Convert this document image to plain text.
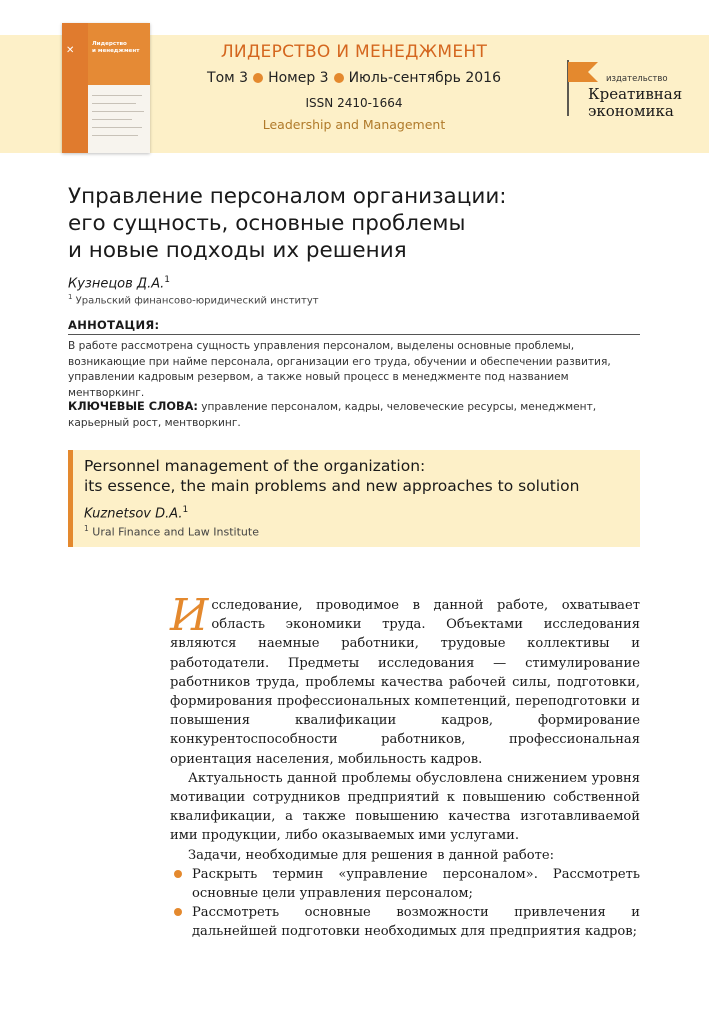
✕
Лидерство
и менеджмент	ЛИДЕРСТВО И МЕНЕДЖМЕНТ
Том 3 Номер 3 Июль-сентябрь 2016
ISSN 2410-1664
Leadership and Management
издательство
Креативная
экономика
Управление персоналом организации:
его сущность, основные проблемы
и новые подходы их решения
Кузнецов Д.А.$^1$
$^1$ Уральский финансово-юридический институт
АННОТАЦИЯ:
В работе рассмотрена сущность управления персоналом, выделены основные проблемы, возникающие при найме персонала, организации его труда, обучении и обеспечении развития, управлении кадровым резервом, а также новый процесс в менеджменте под названием ментворкинг.
КЛЮЧЕВЫЕ СЛОВА: управление персоналом, кадры, человеческие ресурсы, менеджмент, карьерный рост, ментворкинг.
Personnel management of the organization:
its essence, the main problems and new approaches to solution
Kuznetsov D.A.$^1$
$^1$ Ural Finance and Law Institute

Исследование, проводимое в данной работе, охватывает область экономики труда. Объектами исследования являются наемные работники, трудовые коллективы и работодатели. Предметы исследования — стимулирование работников труда, проблемы качества рабочей силы, подготовки, формирования профессиональных компетенций, переподготовки и повышения квалификации кадров, формирование конкурентоспособности работников, профессиональная ориентация населения, мобильность кадров.

Актуальность данной проблемы обусловлена снижением уровня мотивации сотрудников предприятий к повышению собственной квалификации, а также повышению качества изготавливаемой ими продукции, либо оказываемых ими услугами.

Задачи, необходимые для решения в данной работе:

Раскрыть термин «управление персоналом». Рассмотреть основные цели управления персоналом;
Рассмотреть основные возможности привлечения и дальнейшей подготовки необходимых для предприятия кадров;
